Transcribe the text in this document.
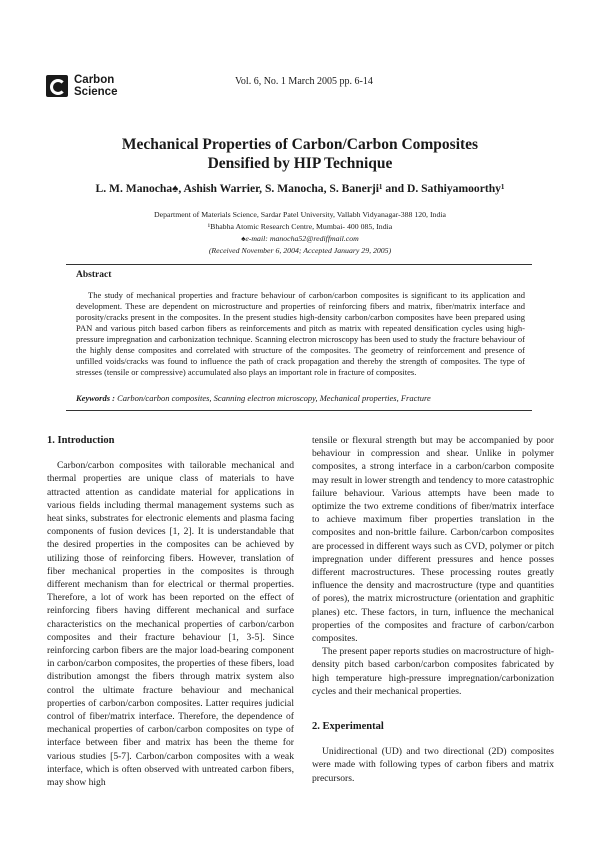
Carbon
Science
Vol. 6, No. 1 March 2005 pp. 6-14
Mechanical Properties of Carbon/Carbon Composites
Densified by HIP Technique
L. M. Manocha♠, Ashish Warrier, S. Manocha, S. Banerji¹ and D. Sathiyamoorthy¹
Department of Materials Science, Sardar Patel University, Vallabh Vidyanagar-388 120, India
¹Bhabha Atomic Research Centre, Mumbai- 400 085, India
♠e-mail: manocha52@rediffmail.com
(Received November 6, 2004; Accepted January 29, 2005)
Abstract
The study of mechanical properties and fracture behaviour of carbon/carbon composites is significant to its application and development. These are dependent on microstructure and properties of reinforcing fibers and matrix, fiber/matrix interface and porosity/cracks present in the composites. In the present studies high-density carbon/carbon composites have been prepared using PAN and various pitch based carbon fibers as reinforcements and pitch as matrix with repeated densification cycles using high-pressure impregnation and carbonization technique. Scanning electron microscopy has been used to study the fracture behaviour of the highly dense composites and correlated with structure of the composites. The geometry of reinforcement and presence of unfilled voids/cracks was found to influence the path of crack propagation and thereby the strength of composites. The type of stresses (tensile or compressive) accumulated also plays an important role in fracture of composites.
Keywords : Carbon/carbon composites, Scanning electron microscopy, Mechanical properties, Fracture
1. Introduction

Carbon/carbon composites with tailorable mechanical and thermal properties are unique class of materials to have attracted attention as candidate material for applications in various fields including thermal management systems such as heat sinks, substrates for electronic elements and plasma facing components of fusion devices [1, 2]. It is understandable that the desired properties in the composites can be achieved by utilizing those of reinforcing fibers. However, translation of fiber mechanical properties in the composites is through different mechanism than for electrical or thermal properties. Therefore, a lot of work has been reported on the effect of reinforcing fibers having different mechanical and surface characteristics on the mechanical properties of carbon/carbon composites and their fracture behaviour [1, 3-5]. Since reinforcing carbon fibers are the major load-bearing component in carbon/carbon composites, the properties of these fibers, load distribution amongst the fibers through matrix system also control the ultimate fracture behaviour and mechanical properties of carbon/carbon composites. Latter requires judicial control of fiber/matrix interface. Therefore, the dependence of mechanical properties of carbon/carbon composites on type of interface between fiber and matrix has been the theme for various studies [5-7]. Carbon/carbon composites with a weak interface, which is often observed with untreated carbon fibers, may show high

tensile or flexural strength but may be accompanied by poor behaviour in compression and shear. Unlike in polymer composites, a strong interface in a carbon/carbon composite may result in lower strength and tendency to more catastrophic failure behaviour. Various attempts have been made to optimize the two extreme conditions of fiber/matrix interface to achieve maximum fiber properties translation in the composites and non-brittle failure. Carbon/carbon composites are processed in different ways such as CVD, polymer or pitch impregnation under different pressures and hence posses different macrostructures. These processing routes greatly influence the density and macrostructure (type and quantities of pores), the matrix microstructure (orientation and graphitic planes) etc. These factors, in turn, influence the mechanical properties of the composites and fracture of carbon/carbon composites.

The present paper reports studies on macrostructure of high-density pitch based carbon/carbon composites fabricated by high temperature high-pressure impregnation/carbonization cycles and their mechanical properties.

2. Experimental

Unidirectional (UD) and two directional (2D) composites were made with following types of carbon fibers and matrix precursors.
